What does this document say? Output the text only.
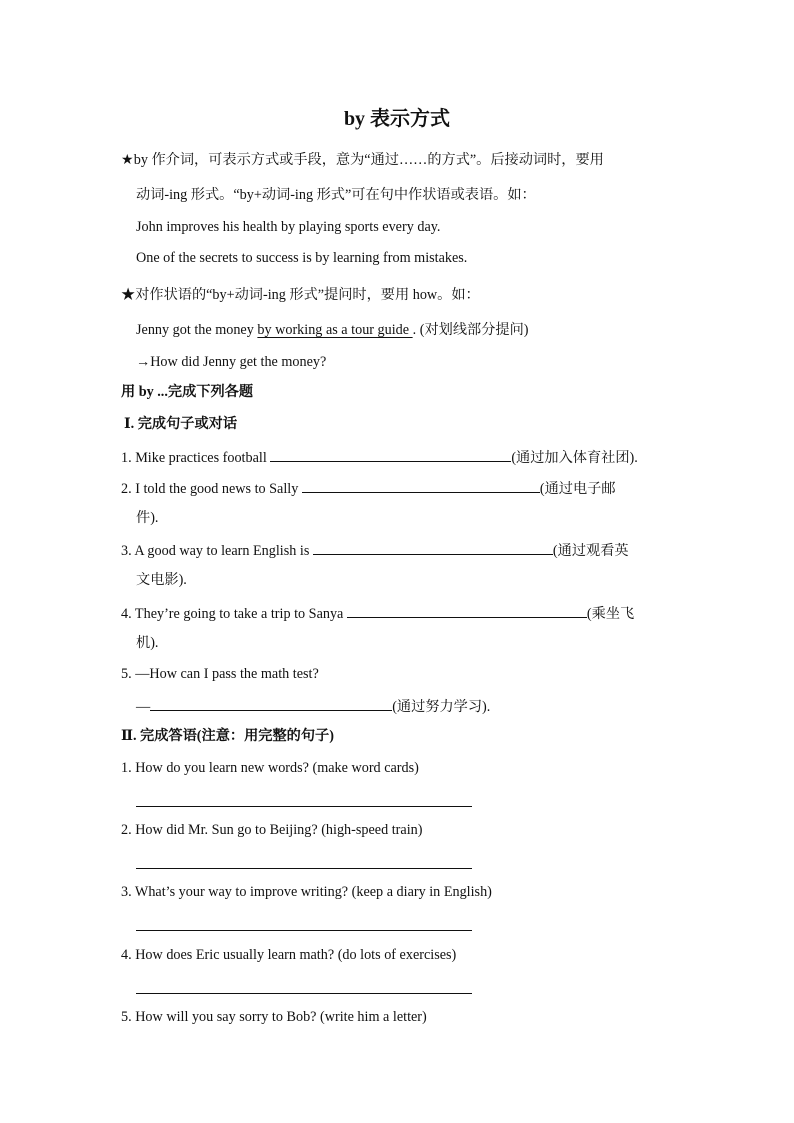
by 表示方式
★by 作介词，可表示方式或手段，意为“通过……的方式”。后接动词时，要用
动词-ing 形式。“by+动词-ing 形式”可在句中作状语或表语。如：
John improves his health by playing sports every day.
One of the secrets to success is by learning from mistakes.
★对作状语的“by+动词-ing 形式”提问时，要用 how。如：
Jenny got the money by working as a tour guide . (对划线部分提问)
→How did Jenny get the money?
用 by ...完成下列各题
Ⅰ. 完成句子或对话
1. Mike practices football	(通过加入体育社团).
2. I told the good news to Sally	(通过电子邮
件).
3. A good way to learn English is	(通过观看英
文电影).
4. They’re going to take a trip to Sanya	(乘坐飞
机).
5. —How can I pass the math test?
—	(通过努力学习).
Ⅱ. 完成答语(注意：用完整的句子)
1. How do you learn new words? (make word cards)
2. How did Mr. Sun go to Beijing? (high-speed train)
3. What’s your way to improve writing? (keep a diary in English)
4. How does Eric usually learn math? (do lots of exercises)
5. How will you say sorry to Bob? (write him a letter)
